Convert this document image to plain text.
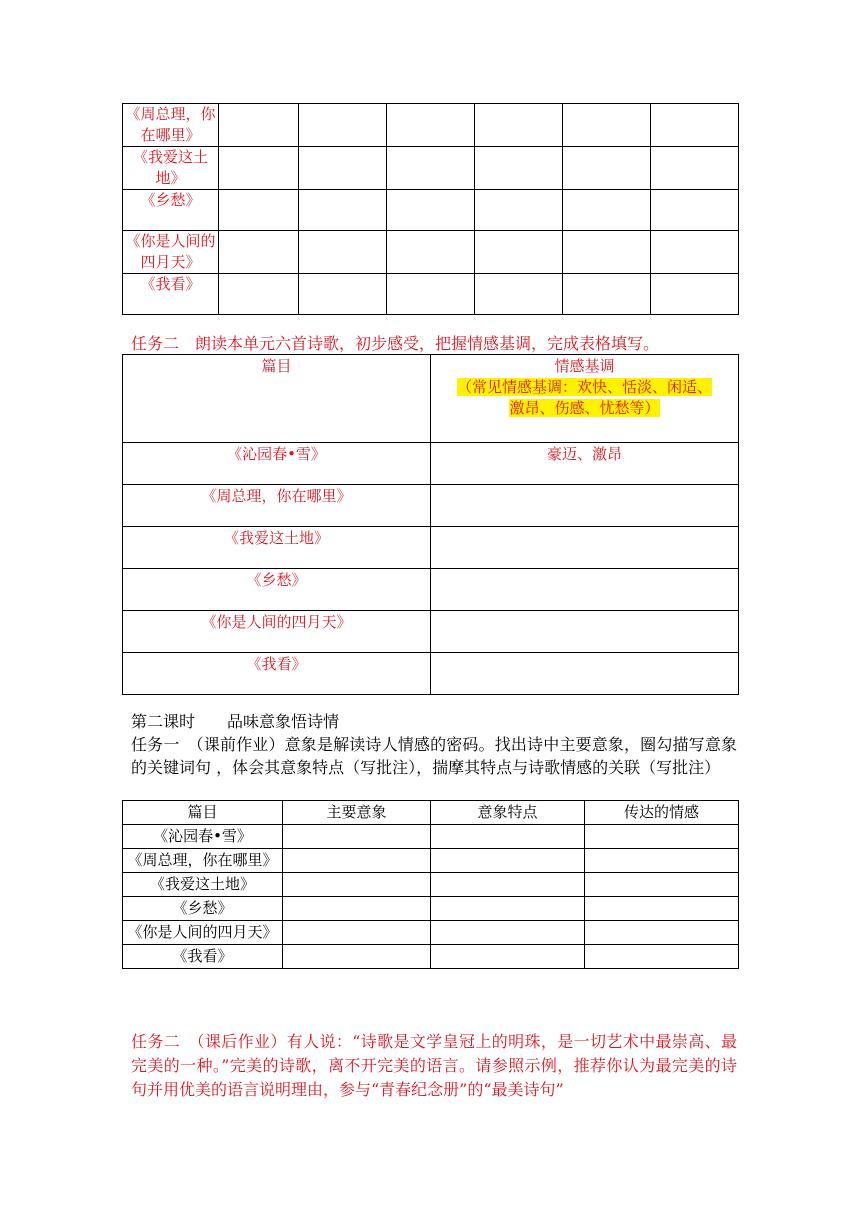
《周总理，你在哪里》						
《我爱这土地》						
《乡愁》						
《你是人间的四月天》						
《我看》						

任务二　朗读本单元六首诗歌，初步感受，把握情感基调，完成表格填写。

篇目	情感基调
（常见情感基调：欢快、恬淡、闲适、
激昂、伤感、忧愁等）

《沁园春•雪》	豪迈、激昂
《周总理，你在哪里》	
《我爱这土地》	
《乡愁》	
《你是人间的四月天》	
《我看》	

第二课时　　品味意象悟诗情

任务一　（课前作业）意象是解读诗人情感的密码。找出诗中主要意象，圈勾描写意象的关键词句 ，体会其意象特点（写批注），揣摩其特点与诗歌情感的关联（写批注）

篇目	主要意象	意象特点	传达的情感
《沁园春•雪》			
《周总理，你在哪里》			
《我爱这土地》			
《乡愁》			
《你是人间的四月天》			
《我看》			

任务二　（课后作业）有人说：“诗歌是文学皇冠上的明珠，是一切艺术中最崇高、最完美的一种。”完美的诗歌，离不开完美的语言。请参照示例，推荐你认为最完美的诗句并用优美的语言说明理由，参与“青春纪念册”的“最美诗句”
